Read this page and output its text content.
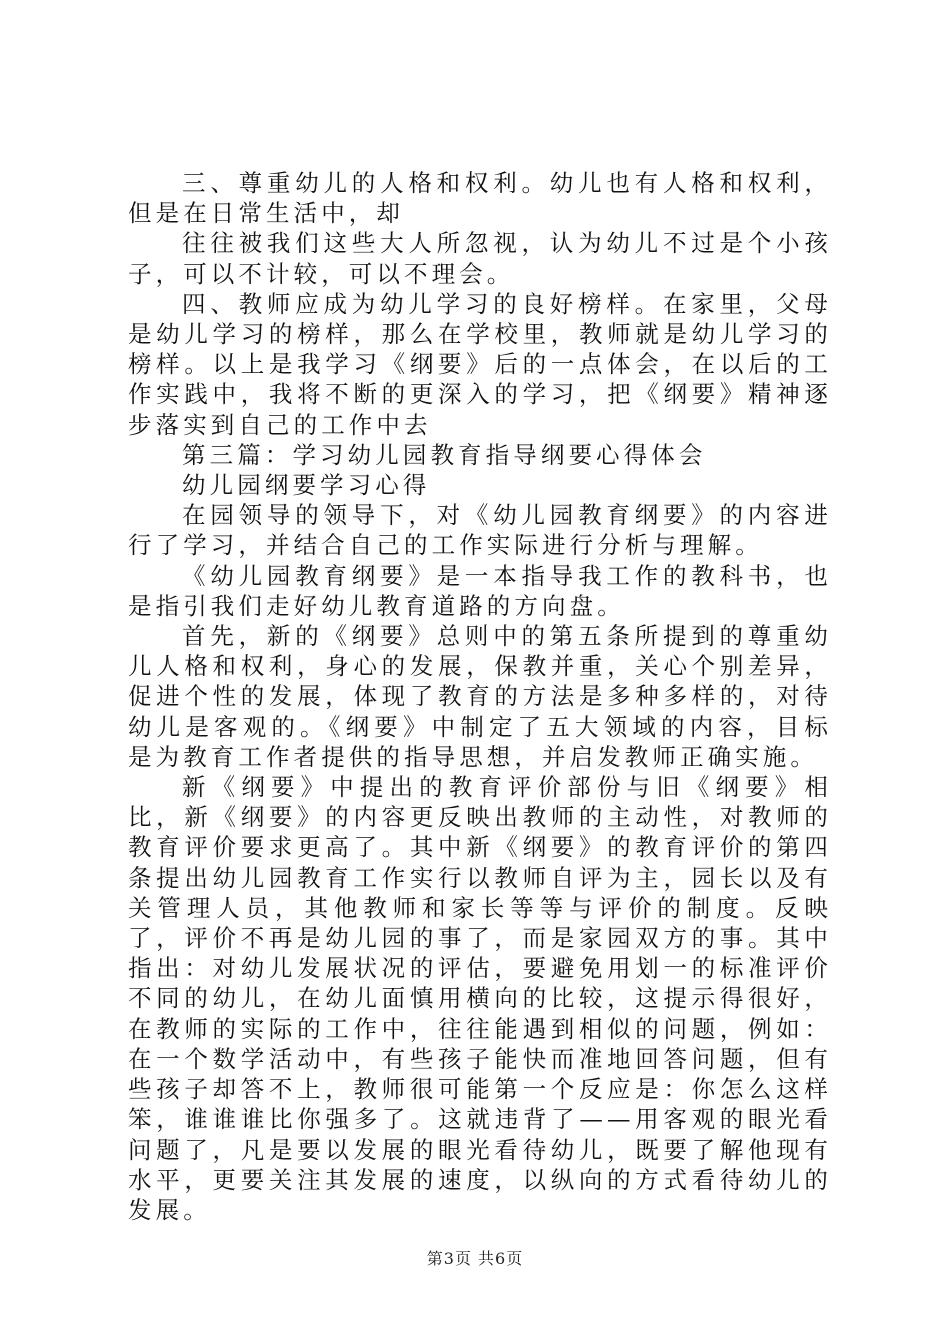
三、尊重幼儿的人格和权利。幼儿也有人格和权利，但是在日常生活中，却

往往被我们这些大人所忽视，认为幼儿不过是个小孩子，可以不计较，可以不理会。

四、教师应成为幼儿学习的良好榜样。在家里，父母是幼儿学习的榜样，那么在学校里，教师就是幼儿学习的榜样。以上是我学习《纲要》后的一点体会，在以后的工作实践中，我将不断的更深入的学习，把《纲要》精神逐步落实到自己的工作中去

第三篇：学习幼儿园教育指导纲要心得体会

幼儿园纲要学习心得

在园领导的领导下，对《幼儿园教育纲要》的内容进行了学习，并结合自己的工作实际进行分析与理解。

《幼儿园教育纲要》是一本指导我工作的教科书，也是指引我们走好幼儿教育道路的方向盘。

首先，新的《纲要》总则中的第五条所提到的尊重幼儿人格和权利，身心的发展，保教并重，关心个别差异，促进个性的发展，体现了教育的方法是多种多样的，对待幼儿是客观的。《纲要》中制定了五大领域的内容，目标是为教育工作者提供的指导思想，并启发教师正确实施。

新《纲要》中提出的教育评价部份与旧《纲要》相比，新《纲要》的内容更反映出教师的主动性，对教师的教育评价要求更高了。其中新《纲要》的教育评价的第四条提出幼儿园教育工作实行以教师自评为主，园长以及有关管理人员，其他教师和家长等等与评价的制度。反映了，评价不再是幼儿园的事了，而是家园双方的事。其中指出：对幼儿发展状况的评估，要避免用划一的标准评价不同的幼儿，在幼儿面慎用横向的比较，这提示得很好，在教师的实际的工作中，往往能遇到相似的问题，例如：在一个数学活动中，有些孩子能快而准地回答问题，但有些孩子却答不上，教师很可能第一个反应是：你怎么这样笨，谁谁谁比你强多了。这就违背了——用客观的眼光看问题了，凡是要以发展的眼光看待幼儿，既要了解他现有水平，更要关注其发展的速度，以纵向的方式看待幼儿的发展。

第3页 共6页
